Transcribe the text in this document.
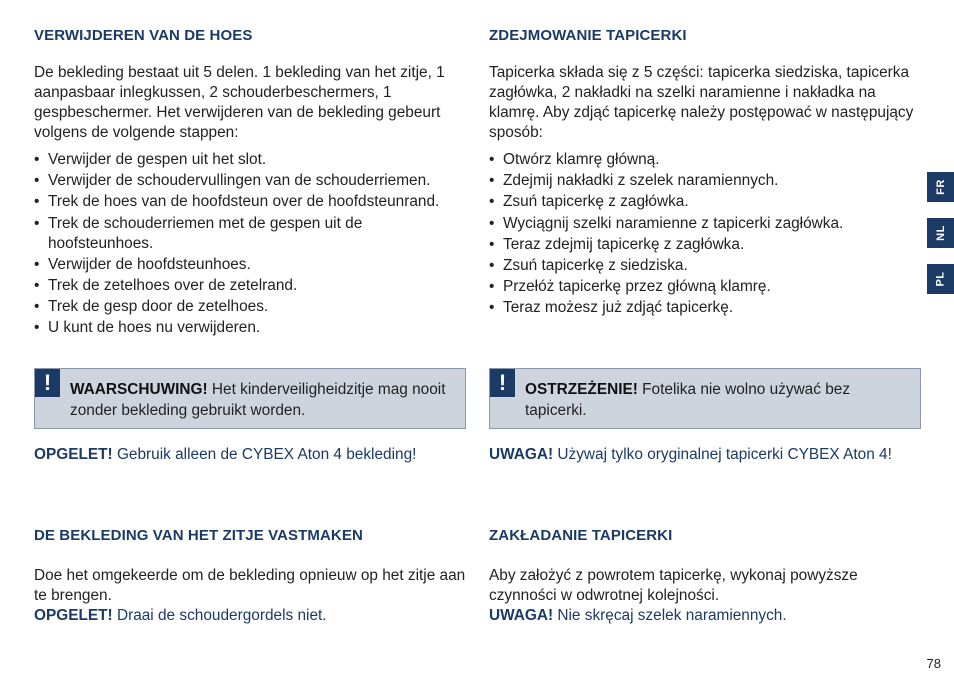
VERWIJDEREN VAN DE HOES

De bekleding bestaat uit 5 delen. 1 bekleding van het zitje, 1 aanpasbaar inlegkussen, 2 schouderbeschermers, 1 gespbeschermer. Het verwijderen van de bekleding gebeurt volgens de volgende stappen:

• Verwijder de gespen uit het slot.
• Verwijder de schoudervullingen van de schouderriemen.
• Trek de hoes van de hoofdsteun over de hoofdsteunrand.
• Trek de schouderriemen met de gespen uit de hoofsteunhoes.
• Verwijder de hoofdsteunhoes.
• Trek de zetelhoes over de zetelrand.
• Trek de gesp door de zetelhoes.
• U kunt de hoes nu verwijderen.
!	WAARSCHUWING! Het kinderveiligheidzitje mag nooit zonder bekleding gebruikt worden.
OPGELET! Gebruik alleen de CYBEX Aton 4 bekleding!
DE BEKLEDING VAN HET ZITJE VASTMAKEN

Doe het omgekeerde om de bekleding opnieuw op het zitje aan te brengen.

OPGELET! Draai de schoudergordels niet.
ZDEJMOWANIE TAPICERKI

Tapicerka składa się z 5 części: tapicerka siedziska, tapicerka zagłówka, 2 nakładki na szelki naramienne i nakładka na klamrę. Aby zdjąć tapicerkę należy postępować w następujący sposób:

• Otwórz klamrę główną.
• Zdejmij nakładki z szelek naramiennych.
• Zsuń tapicerkę z zagłówka.
• Wyciągnij szelki naramienne z tapicerki zagłówka.
• Teraz zdejmij tapicerkę z zagłówka.
• Zsuń tapicerkę z siedziska.
• Przełóż tapicerkę przez główną klamrę.
• Teraz możesz już zdjąć tapicerkę.
!	OSTRZEŻENIE! Fotelika nie wolno używać bez tapicerki.
UWAGA! Używaj tylko oryginalnej tapicerki CYBEX Aton 4!
ZAKŁADANIE TAPICERKI

Aby założyć z powrotem tapicerkę, wykonaj powyższe czynności w odwrotnej kolejności.

UWAGA! Nie skręcaj szelek naramiennych.
FR
NL
PL
78
